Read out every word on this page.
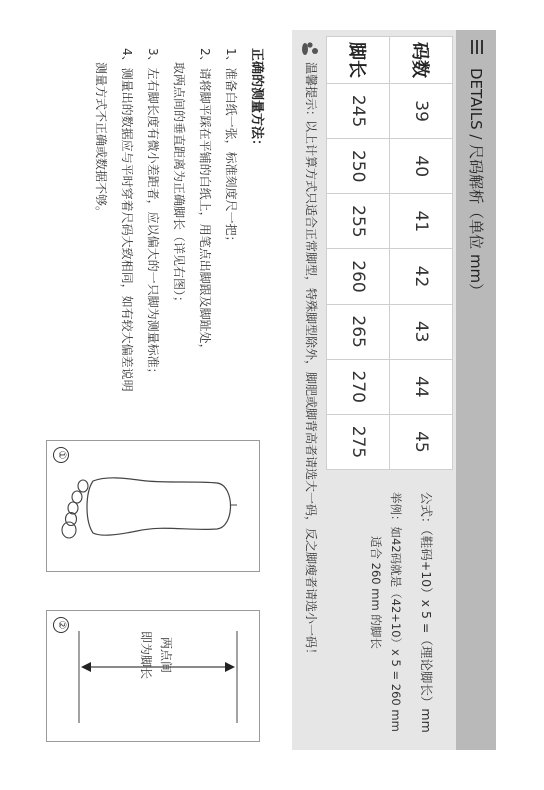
DETAILS / 尺码解析（单位 mm）
码数	39	40	41	42	43	44	45
脚长	245	250	255	260	265	270	275
公式：（鞋码+10）x 5 =（理论脚长）mm
举例：如42码就是（42+10）x 5 = 260 mm
适合 260 mm 的脚长
温馨提示：
以上计算方式只适合正常脚型，特殊脚型除外，脚肥或脚背高者请选大一码，反之脚瘦者请选小一码！
正确的测量方法：
1、准备白纸一张，标准刻度尺一把；
2、请将脚平踩在平铺的白纸上，用笔点出脚跟及脚趾处，
取两点间的垂直距离为正确脚长（详见右图）；
3、左右脚长度有微小差距者，应以偏大的一只脚为测量标准；
4、测量出的数据应与平时穿着尺码大致相同，如有较大偏差说明
测量方式不正确或数据不够。
①
两点间
即为脚长
②
